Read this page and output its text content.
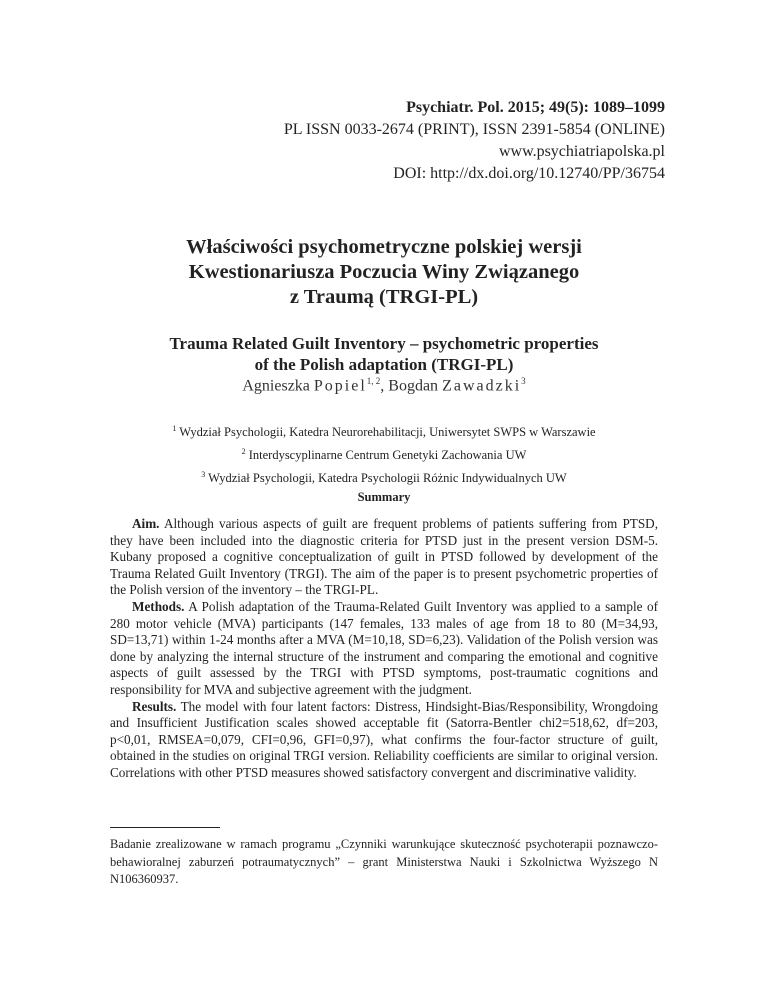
Psychiatr. Pol. 2015; 49(5): 1089–1099
PL ISSN 0033-2674 (PRINT), ISSN 2391-5854 (ONLINE)
www.psychiatriapolska.pl
DOI: http://dx.doi.org/10.12740/PP/36754
Właściwości psychometryczne polskiej wersji
Kwestionariusza Poczucia Winy Związanego
z Traumą (TRGI-PL)
Trauma Related Guilt Inventory – psychometric properties
of the Polish adaptation (TRGI-PL)
Agnieszka Popiel$^{1, 2}$, Bogdan Zawadzki$^3$
$^1$ Wydział Psychologii, Katedra Neurorehabilitacji, Uniwersytet SWPS w Warszawie
$^2$ Interdyscyplinarne Centrum Genetyki Zachowania UW
$^3$ Wydział Psychologii, Katedra Psychologii Różnic Indywidualnych UW
Summary

Aim. Although various aspects of guilt are frequent problems of patients suffering from PTSD, they have been included into the diagnostic criteria for PTSD just in the present version DSM-5. Kubany proposed a cognitive conceptualization of guilt in PTSD followed by development of the Trauma Related Guilt Inventory (TRGI). The aim of the paper is to present psychometric properties of the Polish version of the inventory – the TRGI-PL.

Methods. A Polish adaptation of the Trauma-Related Guilt Inventory was applied to a sample of 280 motor vehicle (MVA) participants (147 females, 133 males of age from 18 to 80 (M=34,93, SD=13,71) within 1-24 months after a MVA (M=10,18, SD=6,23). Validation of the Polish version was done by analyzing the internal structure of the instrument and comparing the emotional and cognitive aspects of guilt assessed by the TRGI with PTSD symptoms, post-traumatic cognitions and responsibility for MVA and subjective agreement with the judgment.

Results. The model with four latent factors: Distress, Hindsight-Bias/Responsibility, Wrongdoing and Insufficient Justification scales showed acceptable fit (Satorra-Bentler chi2=518,62, df=203, p<0,01, RMSEA=0,079, CFI=0,96, GFI=0,97), what confirms the four-factor structure of guilt, obtained in the studies on original TRGI version. Reliability coefficients are similar to original version. Correlations with other PTSD measures showed satisfactory convergent and discriminative validity.

Badanie zrealizowane w ramach programu „Czynniki warunkujące skuteczność psychoterapii poznawczo-behawioralnej zaburzeń potraumatycznych” – grant Ministerstwa Nauki i Szkolnictwa Wyższego N N106360937.
